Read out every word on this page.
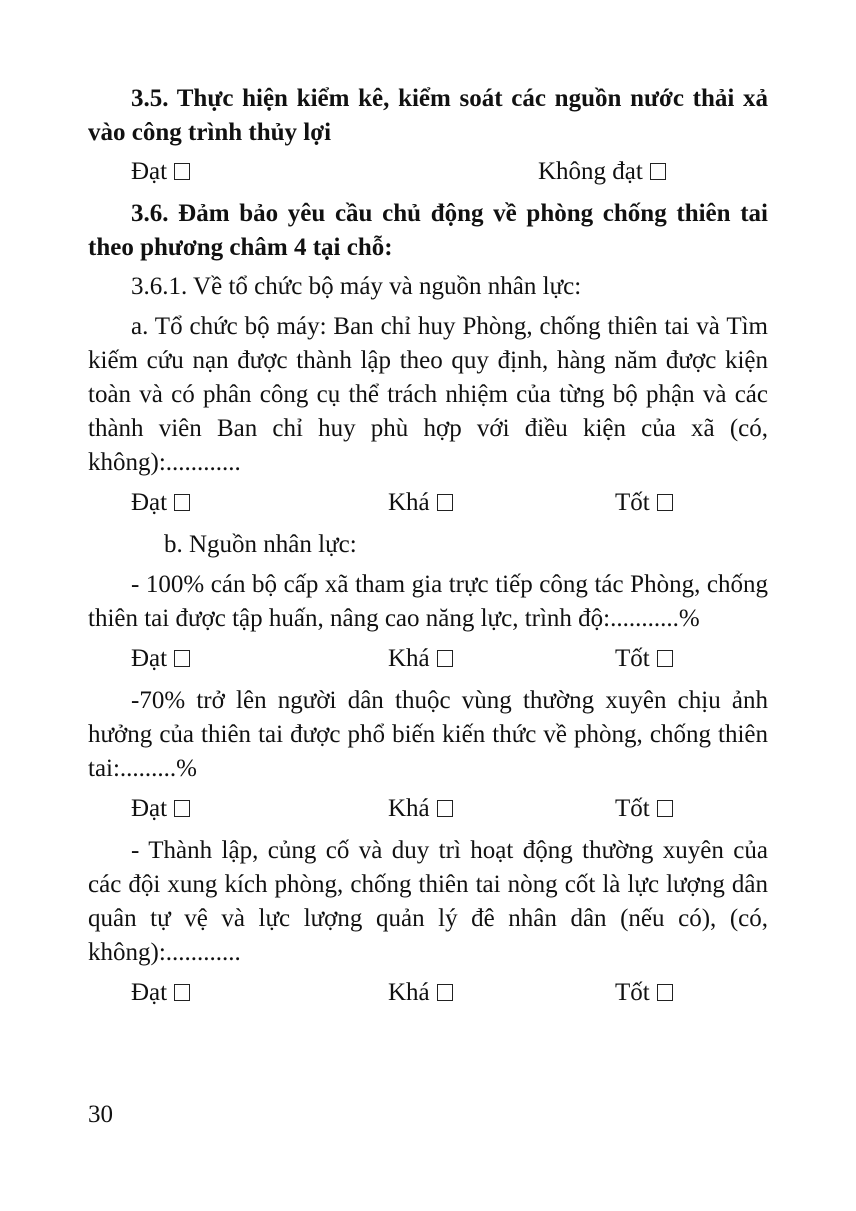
3.5. Thực hiện kiểm kê, kiểm soát các nguồn nước thải xả vào công trình thủy lợi

Đạt	Không đạt

3.6. Đảm bảo yêu cầu chủ động về phòng chống thiên tai theo phương châm 4 tại chỗ:

3.6.1. Về tổ chức bộ máy và nguồn nhân lực:

a. Tổ chức bộ máy: Ban chỉ huy Phòng, chống thiên tai và Tìm kiếm cứu nạn được thành lập theo quy định, hàng năm được kiện toàn và có phân công cụ thể trách nhiệm của từng bộ phận và các thành viên Ban chỉ huy phù hợp với điều kiện của xã (có, không):............

Đạt	Khá	Tốt

b. Nguồn nhân lực:

- 100% cán bộ cấp xã tham gia trực tiếp công tác Phòng, chống thiên tai được tập huấn, nâng cao năng lực, trình độ:...........%

Đạt	Khá	Tốt

-70% trở lên người dân thuộc vùng thường xuyên chịu ảnh hưởng của thiên tai được phổ biến kiến thức về phòng, chống thiên tai:.........%

Đạt	Khá	Tốt

- Thành lập, củng cố và duy trì hoạt động thường xuyên của các đội xung kích phòng, chống thiên tai nòng cốt là lực lượng dân quân tự vệ và lực lượng quản lý đê nhân dân (nếu có), (có, không):............

Đạt	Khá	Tốt
30
